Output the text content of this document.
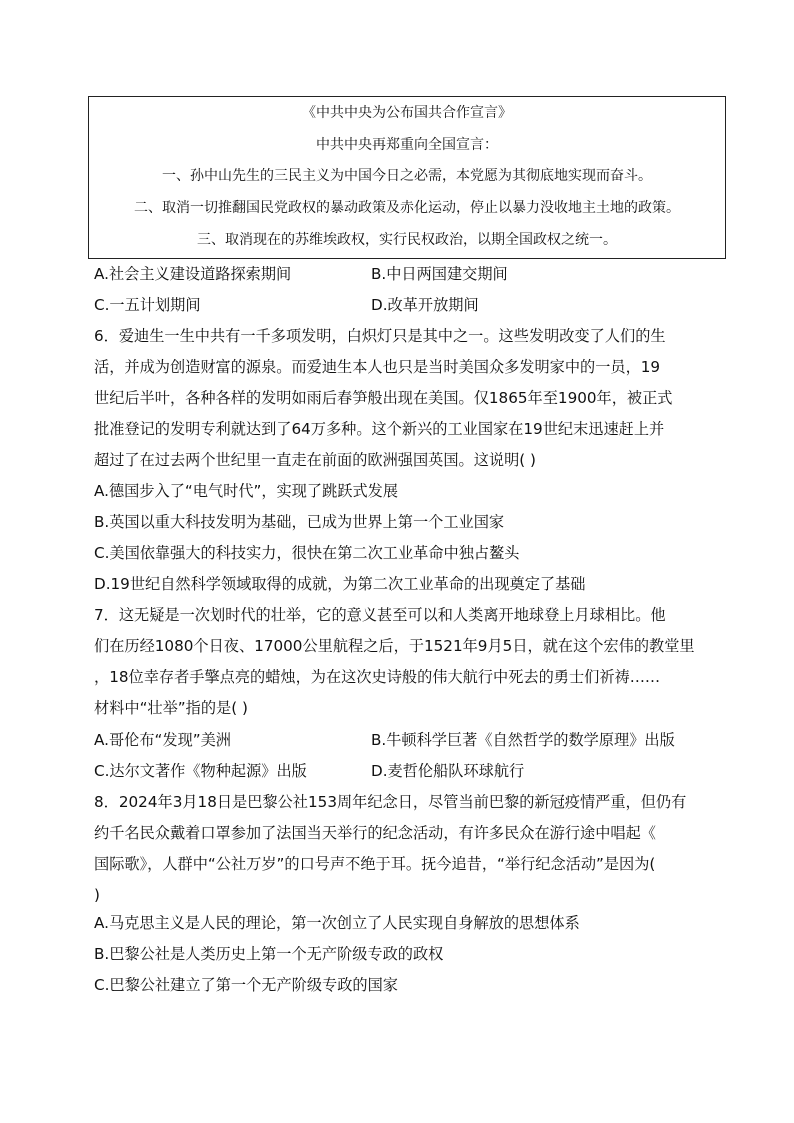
《中共中央为公布国共合作宣言》
中共中央再郑重向全国宣言：
一、孙中山先生的三民主义为中国今日之必需，本党愿为其彻底地实现而奋斗。
二、取消一切推翻国民党政权的暴动政策及赤化运动，停止以暴力没收地主土地的政策。
三、取消现在的苏维埃政权，实行民权政治，以期全国政权之统一。
A.社会主义建设道路探索期间	B.中日两国建交期间
C.一五计划期间	D.改革开放期间
6．爱迪生一生中共有一千多项发明，白炽灯只是其中之一。这些发明改变了人们的生
活，并成为创造财富的源泉。而爱迪生本人也只是当时美国众多发明家中的一员，19
世纪后半叶，各种各样的发明如雨后春笋般出现在美国。仅1865年至1900年，被正式
批准登记的发明专利就达到了64万多种。这个新兴的工业国家在19世纪末迅速赶上并
超过了在过去两个世纪里一直走在前面的欧洲强国英国。这说明( )
A.德国步入了“电气时代”，实现了跳跃式发展
B.英国以重大科技发明为基础，已成为世界上第一个工业国家
C.美国依靠强大的科技实力，很快在第二次工业革命中独占鳌头
D.19世纪自然科学领域取得的成就，为第二次工业革命的出现奠定了基础
7．这无疑是一次划时代的壮举，它的意义甚至可以和人类离开地球登上月球相比。他
们在历经1080个日夜、17000公里航程之后，于1521年9月5日，就在这个宏伟的教堂里
，18位幸存者手擎点亮的蜡烛，为在这次史诗般的伟大航行中死去的勇士们祈祷……
材料中“壮举”指的是( )
A.哥伦布“发现”美洲	B.牛顿科学巨著《自然哲学的数学原理》出版
C.达尔文著作《物种起源》出版	D.麦哲伦船队环球航行
8．2024年3月18日是巴黎公社153周年纪念日，尽管当前巴黎的新冠疫情严重，但仍有
约千名民众戴着口罩参加了法国当天举行的纪念活动，有许多民众在游行途中唱起《
国际歌》，人群中“公社万岁”的口号声不绝于耳。抚今追昔，“举行纪念活动”是因为(
)
A.马克思主义是人民的理论，第一次创立了人民实现自身解放的思想体系
B.巴黎公社是人类历史上第一个无产阶级专政的政权
C.巴黎公社建立了第一个无产阶级专政的国家
